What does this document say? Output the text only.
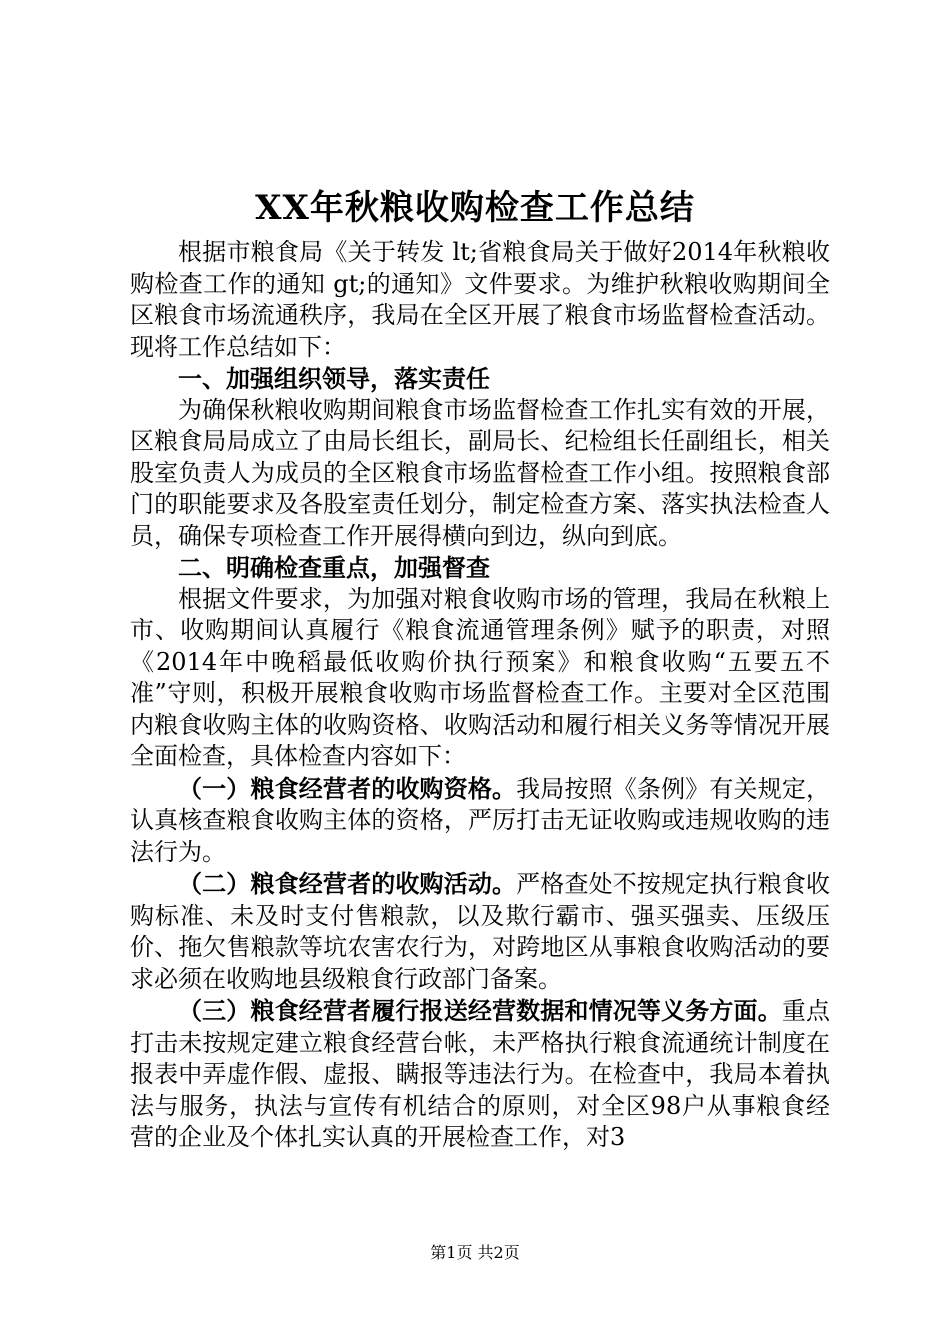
XX年秋粮收购检查工作总结

根据市粮食局《关于转发 lt;省粮食局关于做好2014年秋粮收购检查工作的通知 gt;的通知》文件要求。为维护秋粮收购期间全区粮食市场流通秩序，我局在全区开展了粮食市场监督检查活动。现将工作总结如下：

一、加强组织领导，落实责任

为确保秋粮收购期间粮食市场监督检查工作扎实有效的开展，区粮食局局成立了由局长组长，副局长、纪检组长任副组长，相关股室负责人为成员的全区粮食市场监督检查工作小组。按照粮食部门的职能要求及各股室责任划分，制定检查方案、落实执法检查人员，确保专项检查工作开展得横向到边，纵向到底。

二、明确检查重点，加强督查

根据文件要求，为加强对粮食收购市场的管理，我局在秋粮上市、收购期间认真履行《粮食流通管理条例》赋予的职责，对照《2014年中晚稻最低收购价执行预案》和粮食收购“五要五不准”守则，积极开展粮食收购市场监督检查工作。主要对全区范围内粮食收购主体的收购资格、收购活动和履行相关义务等情况开展全面检查，具体检查内容如下：

（一）粮食经营者的收购资格。我局按照《条例》有关规定，认真核查粮食收购主体的资格，严厉打击无证收购或违规收购的违法行为。

（二）粮食经营者的收购活动。严格查处不按规定执行粮食收购标准、未及时支付售粮款，以及欺行霸市、强买强卖、压级压价、拖欠售粮款等坑农害农行为，对跨地区从事粮食收购活动的要求必须在收购地县级粮食行政部门备案。

（三）粮食经营者履行报送经营数据和情况等义务方面。重点打击未按规定建立粮食经营台帐，未严格执行粮食流通统计制度在报表中弄虚作假、虚报、瞒报等违法行为。在检查中，我局本着执法与服务，执法与宣传有机结合的原则，对全区98户从事粮食经营的企业及个体扎实认真的开展检查工作，对3

第1页 共2页
